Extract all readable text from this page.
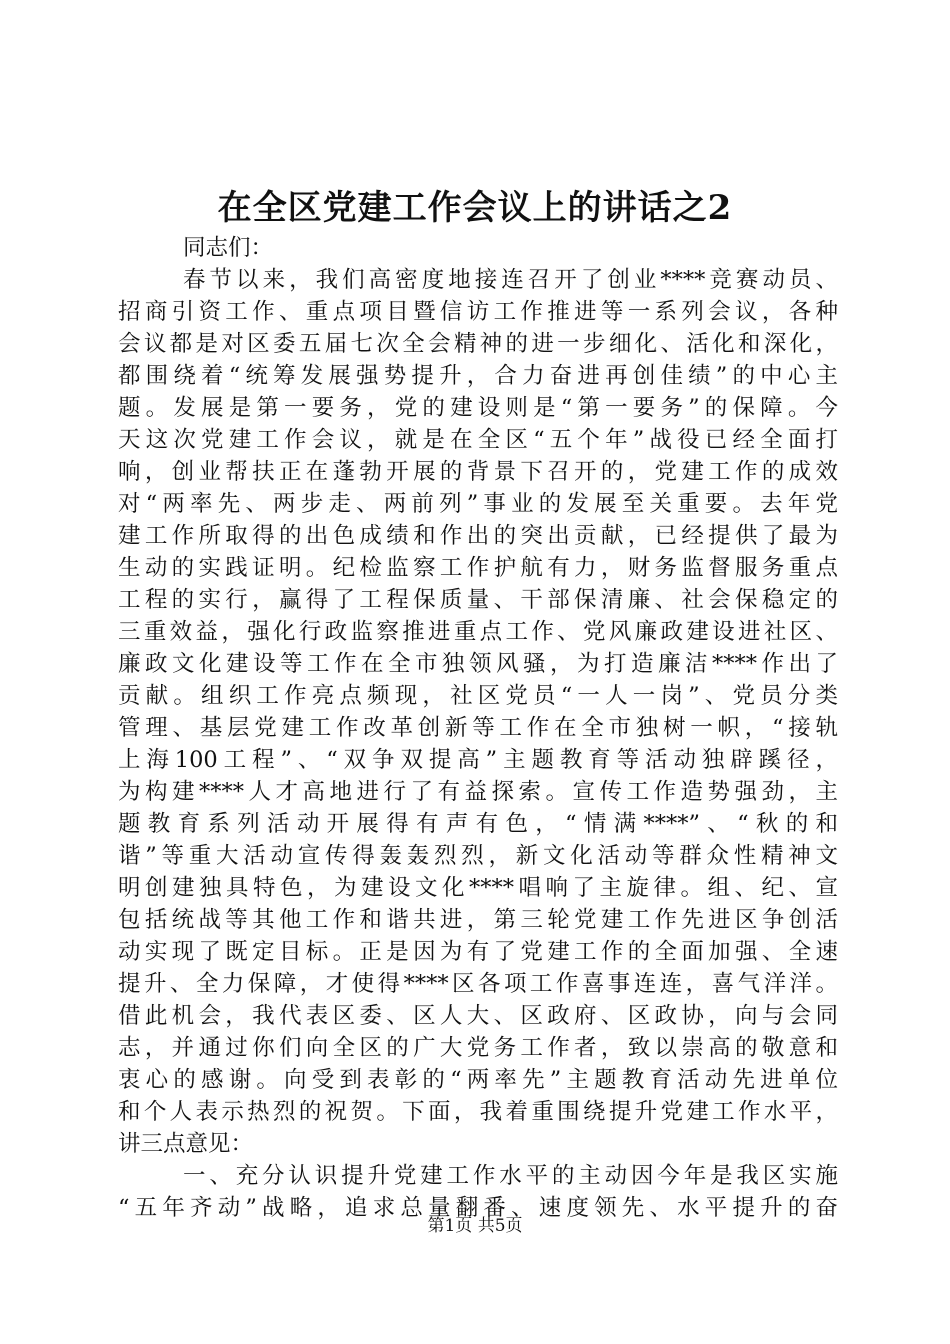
在全区党建工作会议上的讲话之2
同志们：
春节以来，我们高密度地接连召开了创业****竞赛动员、
招商引资工作、重点项目暨信访工作推进等一系列会议，各种
会议都是对区委五届七次全会精神的进一步细化、活化和深化，
都围绕着“统筹发展强势提升，合力奋进再创佳绩”的中心主
题。发展是第一要务，党的建设则是“第一要务”的保障。今
天这次党建工作会议，就是在全区“五个年”战役已经全面打
响，创业帮扶正在蓬勃开展的背景下召开的，党建工作的成效
对“两率先、两步走、两前列”事业的发展至关重要。去年党
建工作所取得的出色成绩和作出的突出贡献，已经提供了最为
生动的实践证明。纪检监察工作护航有力，财务监督服务重点
工程的实行，赢得了工程保质量、干部保清廉、社会保稳定的
三重效益，强化行政监察推进重点工作、党风廉政建设进社区、
廉政文化建设等工作在全市独领风骚，为打造廉洁****作出了
贡献。组织工作亮点频现，社区党员“一人一岗”、党员分类
管理、基层党建工作改革创新等工作在全市独树一帜，“接轨
上海100工程”、“双争双提高”主题教育等活动独辟蹊径，
为构建****人才高地进行了有益探索。宣传工作造势强劲，主
题教育系列活动开展得有声有色，“情满****”、“秋的和
谐”等重大活动宣传得轰轰烈烈，新文化活动等群众性精神文
明创建独具特色，为建设文化****唱响了主旋律。组、纪、宣
包括统战等其他工作和谐共进，第三轮党建工作先进区争创活
动实现了既定目标。正是因为有了党建工作的全面加强、全速
提升、全力保障，才使得****区各项工作喜事连连，喜气洋洋。
借此机会，我代表区委、区人大、区政府、区政协，向与会同
志，并通过你们向全区的广大党务工作者，致以崇高的敬意和
衷心的感谢。向受到表彰的“两率先”主题教育活动先进单位
和个人表示热烈的祝贺。下面，我着重围绕提升党建工作水平，
讲三点意见：
一、充分认识提升党建工作水平的主动因今年是我区实施
“五年齐动”战略，追求总量翻番、速度领先、水平提升的奋
第1页 共5页
